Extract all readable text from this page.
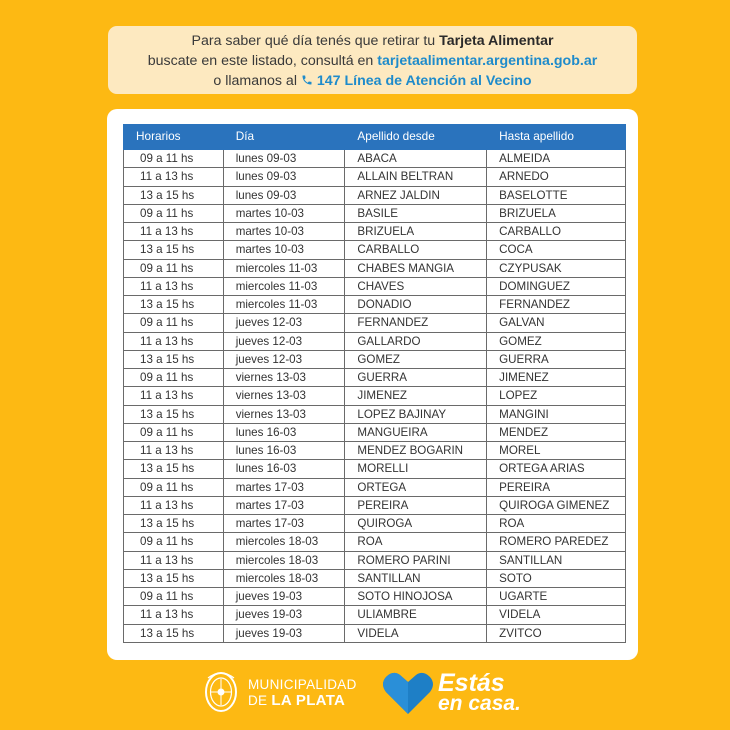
Para saber qué día tenés que retirar tu Tarjeta Alimentar
buscate en este listado, consultá en tarjetaalimentar.argentina.gob.ar
o llamanos al  147 Línea de Atención al Vecino
Horarios	Día	Apellido desde	Hasta apellido
09 a 11 hs	lunes 09-03	ABACA	ALMEIDA
11 a 13 hs	lunes 09-03	ALLAIN BELTRAN	ARNEDO
13 a 15 hs	lunes 09-03	ARNEZ JALDIN	BASELOTTE
09 a 11 hs	martes 10-03	BASILE	BRIZUELA
11 a 13 hs	martes 10-03	BRIZUELA	CARBALLO
13 a 15 hs	martes 10-03	CARBALLO	COCA
09 a 11 hs	miercoles 11-03	CHABES MANGIA	CZYPUSAK
11 a 13 hs	miercoles 11-03	CHAVES	DOMINGUEZ
13 a 15 hs	miercoles 11-03	DONADIO	FERNANDEZ
09 a 11 hs	jueves 12-03	FERNANDEZ	GALVAN
11 a 13 hs	jueves 12-03	GALLARDO	GOMEZ
13 a 15 hs	jueves 12-03	GOMEZ	GUERRA
09 a 11 hs	viernes 13-03	GUERRA	JIMENEZ
11 a 13 hs	viernes 13-03	JIMENEZ	LOPEZ
13 a 15 hs	viernes 13-03	LOPEZ BAJINAY	MANGINI
09 a 11 hs	lunes 16-03	MANGUEIRA	MENDEZ
11 a 13 hs	lunes 16-03	MENDEZ BOGARIN	MOREL
13 a 15 hs	lunes 16-03	MORELLI	ORTEGA ARIAS
09 a 11 hs	martes 17-03	ORTEGA	PEREIRA
11 a 13 hs	martes 17-03	PEREIRA	QUIROGA GIMENEZ
13 a 15 hs	martes 17-03	QUIROGA	ROA
09 a 11 hs	miercoles 18-03	ROA	ROMERO PAREDEZ
11 a 13 hs	miercoles 18-03	ROMERO PARINI	SANTILLAN
13 a 15 hs	miercoles 18-03	SANTILLAN	SOTO
09 a 11 hs	jueves 19-03	SOTO HINOJOSA	UGARTE
11 a 13 hs	jueves 19-03	ULIAMBRE	VIDELA
13 a 15 hs	jueves 19-03	VIDELA	ZVITCO
MUNICIPALIDAD
DE LA PLATA
Estás
en casa.
